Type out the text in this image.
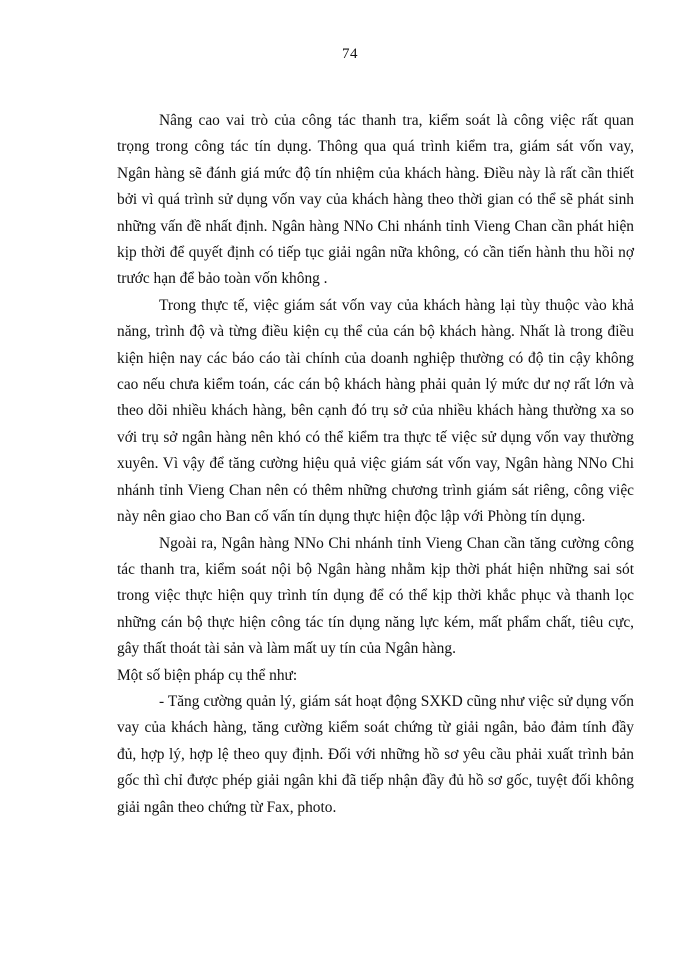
74

Nâng cao vai trò của công tác thanh tra, kiểm soát là công việc rất quan trọng trong công tác tín dụng. Thông qua quá trình kiểm tra, giám sát vốn vay, Ngân hàng sẽ đánh giá mức độ tín nhiệm của khách hàng. Điều này là rất cần thiết bởi vì quá trình sử dụng vốn vay của khách hàng theo thời gian có thể sẽ phát sinh những vấn đề nhất định. Ngân hàng NNo Chi nhánh tỉnh Vieng Chan cần phát hiện kịp thời để quyết định có tiếp tục giải ngân nữa không, có cần tiến hành thu hồi nợ trước hạn để bảo toàn vốn không .

Trong thực tế, việc giám sát vốn vay của khách hàng lại tùy thuộc vào khả năng, trình độ và từng điều kiện cụ thể của cán bộ khách hàng. Nhất là trong điều kiện hiện nay các báo cáo tài chính của doanh nghiệp thường có độ tin cậy không cao nếu chưa kiểm toán, các cán bộ khách hàng phải quản lý mức dư nợ rất lớn và theo dõi nhiều khách hàng, bên cạnh đó trụ sở của nhiều khách hàng thường xa so với trụ sở ngân hàng nên khó có thể kiểm tra thực tế việc sử dụng vốn vay thường xuyên. Vì vậy để tăng cường hiệu quả việc giám sát vốn vay, Ngân hàng NNo Chi nhánh tỉnh Vieng Chan nên có thêm những chương trình giám sát riêng, công việc này nên giao cho Ban cố vấn tín dụng thực hiện độc lập với Phòng tín dụng.

Ngoài ra, Ngân hàng NNo Chi nhánh tỉnh Vieng Chan cần tăng cường công tác thanh tra, kiểm soát nội bộ Ngân hàng nhằm kịp thời phát hiện những sai sót trong việc thực hiện quy trình tín dụng để có thể kịp thời khắc phục và thanh lọc những cán bộ thực hiện công tác tín dụng năng lực kém, mất phẩm chất, tiêu cực, gây thất thoát tài sản và làm mất uy tín của Ngân hàng.

Một số biện pháp cụ thể như:

- Tăng cường quản lý, giám sát hoạt động SXKD cũng như việc sử dụng vốn vay của khách hàng, tăng cường kiểm soát chứng từ giải ngân, bảo đảm tính đầy đủ, hợp lý, hợp lệ theo quy định. Đối với những hồ sơ yêu cầu phải xuất trình bản gốc thì chỉ được phép giải ngân khi đã tiếp nhận đầy đủ hồ sơ gốc, tuyệt đối không giải ngân theo chứng từ Fax, photo.
